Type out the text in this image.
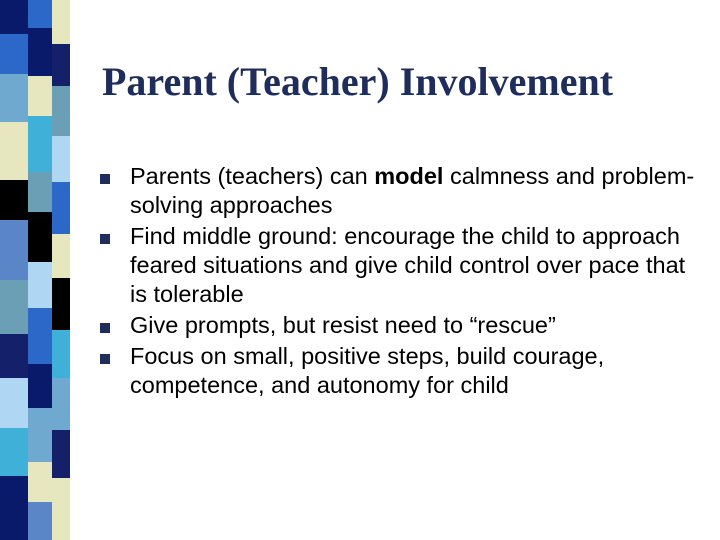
Parent (Teacher) Involvement
Parents (teachers) can model calmness and problem-solving approaches
Find middle ground: encourage the child to approach feared situations and give child control over pace that is tolerable
Give prompts, but resist need to “rescue”
Focus on small, positive steps, build courage, competence, and autonomy for child
